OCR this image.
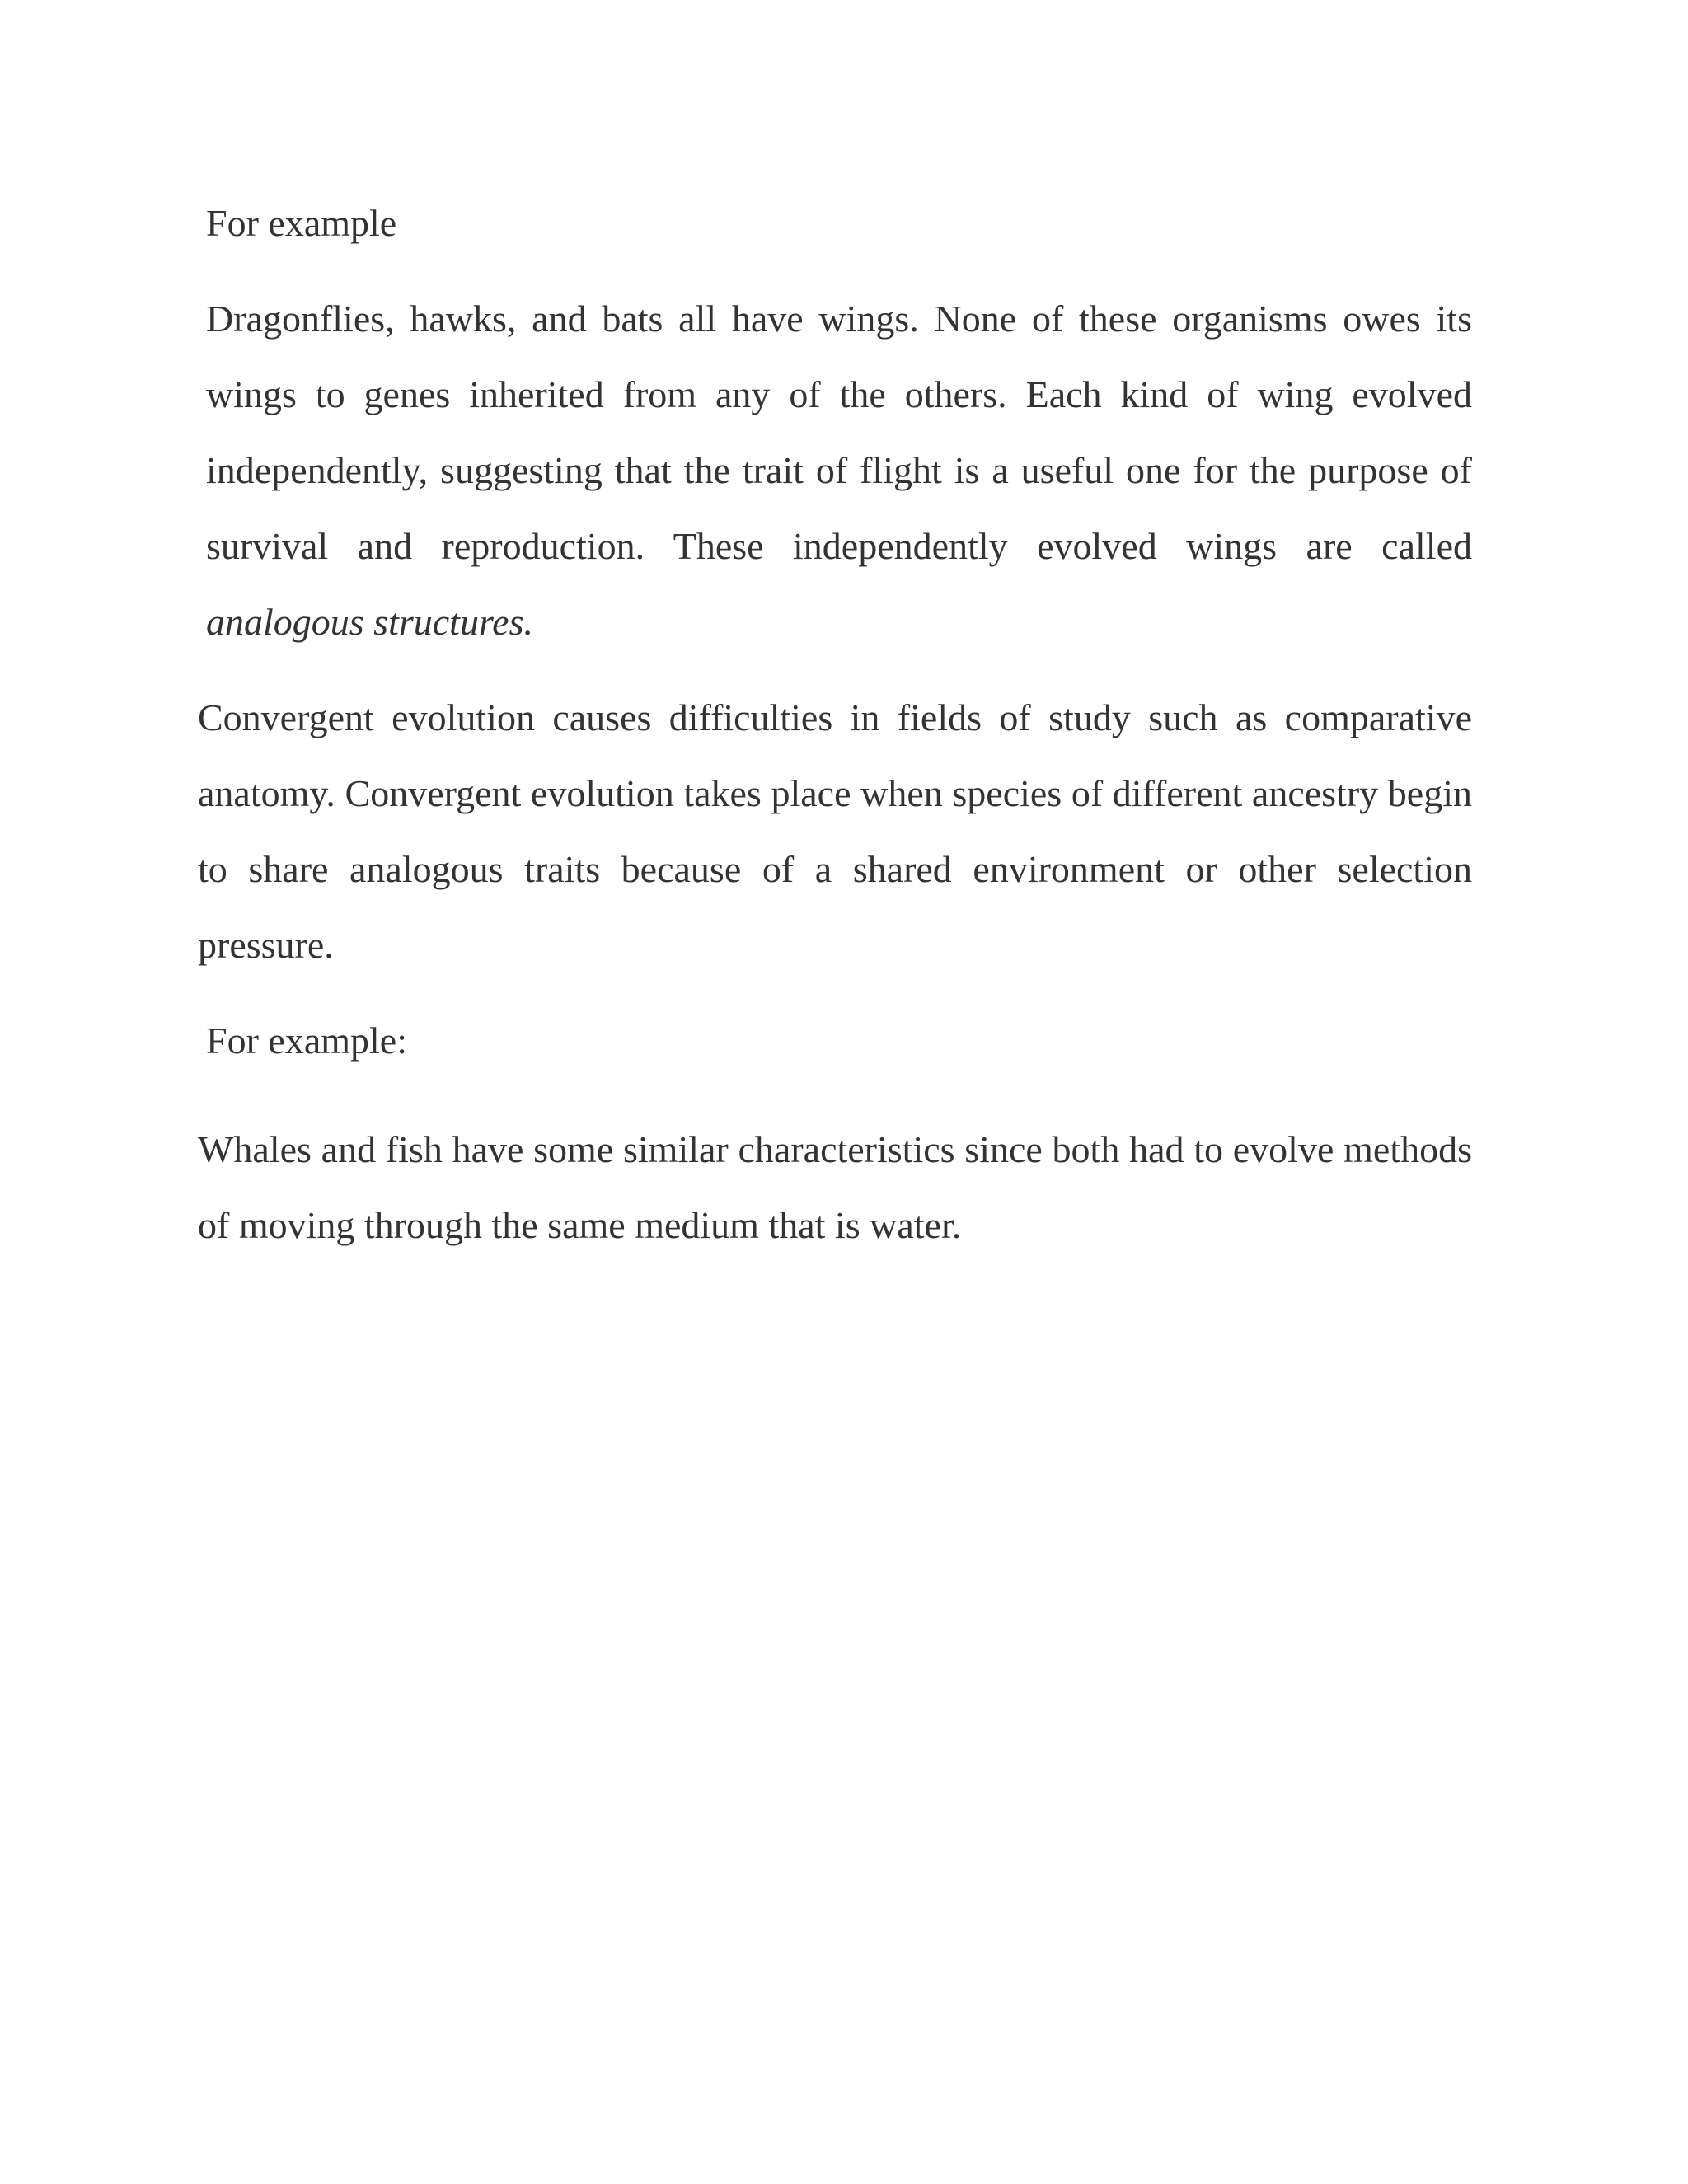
For example

Dragonflies, hawks, and bats all have wings. None of these organisms owes its wings to genes inherited from any of the others. Each kind of wing evolved independently, suggesting that the trait of flight is a useful one for the purpose of survival and reproduction. These independently evolved wings are called analogous structures.

Convergent evolution causes difficulties in fields of study such as comparative anatomy. Convergent evolution takes place when species of different ancestry begin to share analogous traits because of a shared environment or other selection pressure.

For example:

Whales and fish have some similar characteristics since both had to evolve methods of moving through the same medium that is water.
